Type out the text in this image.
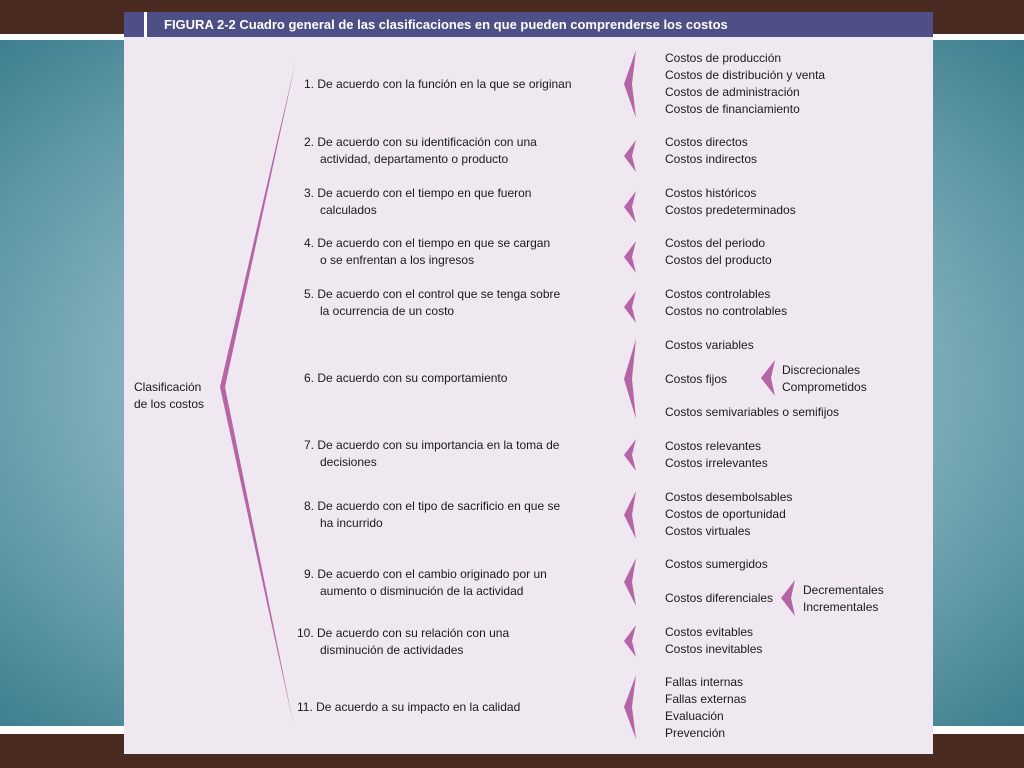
FIGURA 2-2 Cuadro general de las clasificaciones en que pueden comprenderse los costos
Clasificación
de los costos
1. De acuerdo con la función en la que se originan
2. De acuerdo con su identificación con una
actividad, departamento o producto
3. De acuerdo con el tiempo en que fueron
calculados
4. De acuerdo con el tiempo en que se cargan
o se enfrentan a los ingresos
5. De acuerdo con el control que se tenga sobre
la ocurrencia de un costo
6. De acuerdo con su comportamiento
7. De acuerdo con su importancia en la toma de
decisiones
8. De acuerdo con el tipo de sacrificio en que se
ha incurrido
9. De acuerdo con el cambio originado por un
aumento o disminución de la actividad
10. De acuerdo con su relación con una
disminución de actividades
11. De acuerdo a su impacto en la calidad
Costos de producción
Costos de distribución y venta
Costos de administración
Costos de financiamiento
Costos directos
Costos indirectos
Costos históricos
Costos predeterminados
Costos del periodo
Costos del producto
Costos controlables
Costos no controlables
Costos variables
Costos fijos
Costos semivariables o semifijos
Discrecionales
Comprometidos
Costos relevantes
Costos irrelevantes
Costos desembolsables
Costos de oportunidad
Costos virtuales
Costos sumergidos
Costos diferenciales
Decrementales
Incrementales
Costos evitables
Costos inevitables
Fallas internas
Fallas externas
Evaluación
Prevención
